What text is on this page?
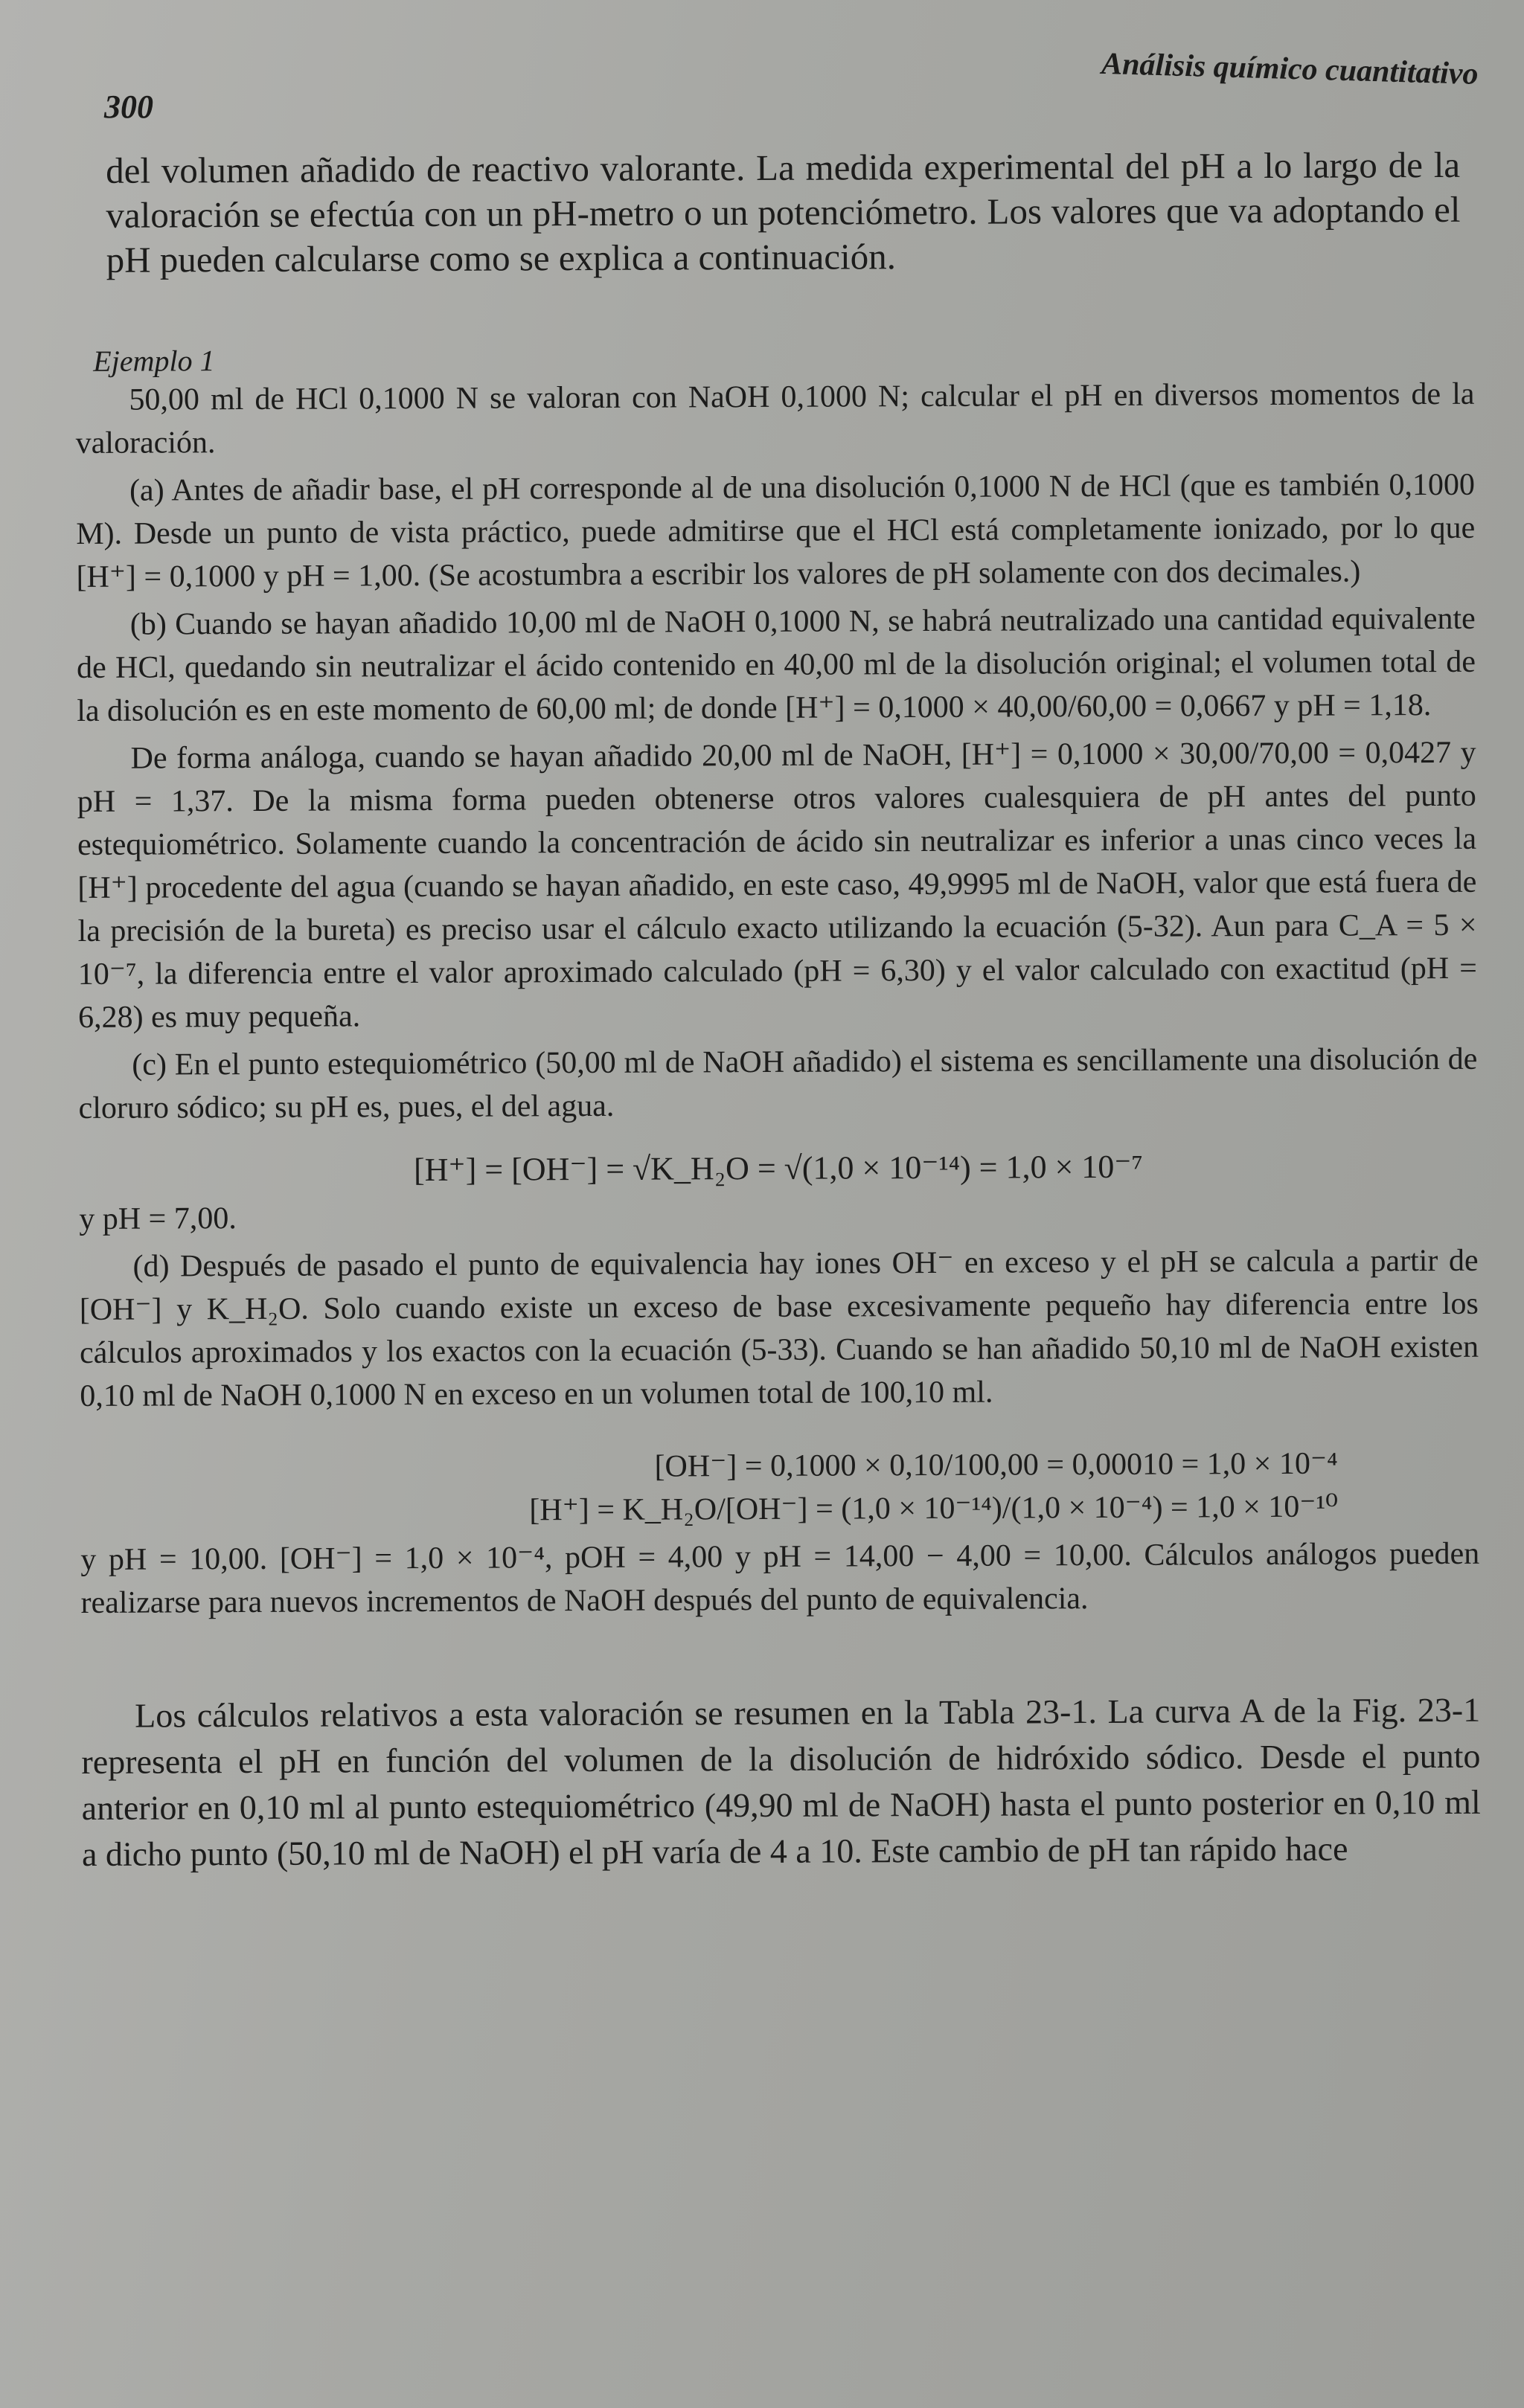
300
Análisis químico cuantitativo

del volumen añadido de reactivo valorante. La medida experimental del pH a lo largo de la valoración se efectúa con un pH-metro o un potenciómetro. Los valores que va adoptando el pH pueden calcularse como se explica a continuación.

Ejemplo 1

50,00 ml de HCl 0,1000 N se valoran con NaOH 0,1000 N; calcular el pH en diversos momentos de la valoración.

(a) Antes de añadir base, el pH corresponde al de una disolución 0,1000 N de HCl (que es también 0,1000 M). Desde un punto de vista práctico, puede admitirse que el HCl está completamente ionizado, por lo que [H⁺] = 0,1000 y pH = 1,00. (Se acostumbra a escribir los valores de pH solamente con dos decimales.)

(b) Cuando se hayan añadido 10,00 ml de NaOH 0,1000 N, se habrá neutralizado una cantidad equivalente de HCl, quedando sin neutralizar el ácido contenido en 40,00 ml de la disolución original; el volumen total de la disolución es en este momento de 60,00 ml; de donde [H⁺] = 0,1000 × 40,00/60,00 = 0,0667 y pH = 1,18.

De forma análoga, cuando se hayan añadido 20,00 ml de NaOH, [H⁺] = 0,1000 × 30,00/70,00 = 0,0427 y pH = 1,37. De la misma forma pueden obtenerse otros valores cualesquiera de pH antes del punto estequiométrico. Solamente cuando la concentración de ácido sin neutralizar es inferior a unas cinco veces la [H⁺] procedente del agua (cuando se hayan añadido, en este caso, 49,9995 ml de NaOH, valor que está fuera de la precisión de la bureta) es preciso usar el cálculo exacto utilizando la ecuación (5-32). Aun para C_A = 5 × 10⁻⁷, la diferencia entre el valor aproximado calculado (pH = 6,30) y el valor calculado con exactitud (pH = 6,28) es muy pequeña.

(c) En el punto estequiométrico (50,00 ml de NaOH añadido) el sistema es sencillamente una disolución de cloruro sódico; su pH es, pues, el del agua.

[H⁺] = [OH⁻] = √K_H₂O = √(1,0 × 10⁻¹⁴) = 1,0 × 10⁻⁷

y pH = 7,00.

(d) Después de pasado el punto de equivalencia hay iones OH⁻ en exceso y el pH se calcula a partir de [OH⁻] y K_H₂O. Solo cuando existe un exceso de base excesivamente pequeño hay diferencia entre los cálculos aproximados y los exactos con la ecuación (5-33). Cuando se han añadido 50,10 ml de NaOH existen 0,10 ml de NaOH 0,1000 N en exceso en un volumen total de 100,10 ml.

[OH⁻] = 0,1000 × 0,10/100,00 = 0,00010 = 1,0 × 10⁻⁴
[H⁺] = K_H₂O/[OH⁻] = (1,0 × 10⁻¹⁴)/(1,0 × 10⁻⁴) = 1,0 × 10⁻¹⁰

y pH = 10,00. [OH⁻] = 1,0 × 10⁻⁴, pOH = 4,00 y pH = 14,00 − 4,00 = 10,00. Cálculos análogos pueden realizarse para nuevos incrementos de NaOH después del punto de equivalencia.

Los cálculos relativos a esta valoración se resumen en la Tabla 23-1. La curva A de la Fig. 23-1 representa el pH en función del volumen de la disolución de hidróxido sódico. Desde el punto anterior en 0,10 ml al punto estequiométrico (49,90 ml de NaOH) hasta el punto posterior en 0,10 ml a dicho punto (50,10 ml de NaOH) el pH varía de 4 a 10. Este cambio de pH tan rápido hace
